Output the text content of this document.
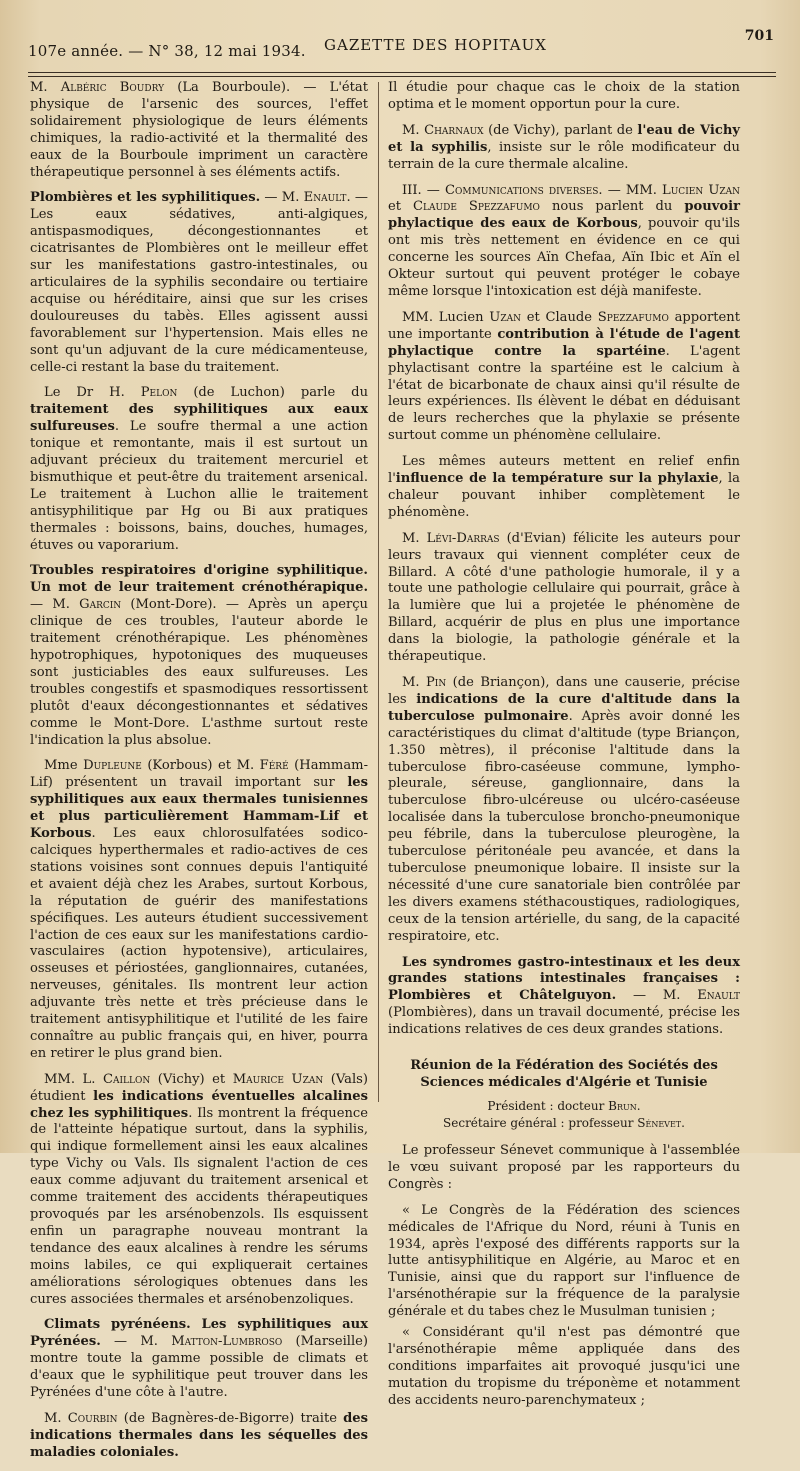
107e année. — N° 38, 12 mai 1934. GAZETTE DES HOPITAUX	701

M. Albéric Boudry (La Bourboule). — L'état physique de l'arsenic des sources, l'effet solidairement physiologique de leurs éléments chimiques, la radio-activité et la thermalité des eaux de la Bourboule impriment un caractère thérapeutique personnel à ses éléments actifs.

Plombières et les syphilitiques. — M. Enault. — Les eaux sédatives, anti-algiques, antispasmodiques, décongestionnantes et cicatrisantes de Plombières ont le meilleur effet sur les manifestations gastro-intestinales, ou articulaires de la syphilis secondaire ou tertiaire acquise ou héréditaire, ainsi que sur les crises douloureuses du tabès. Elles agissent aussi favorablement sur l'hypertension. Mais elles ne sont qu'un adjuvant de la cure médicamenteuse, celle-ci restant la base du traitement.

Le Dr H. Pelon (de Luchon) parle du traitement des syphilitiques aux eaux sulfureuses. Le soufre thermal a une action tonique et remontante, mais il est surtout un adjuvant précieux du traitement mercuriel et bismuthique et peut-être du traitement arsenical. Le traitement à Luchon allie le traitement antisyphilitique par Hg ou Bi aux pratiques thermales : boissons, bains, douches, humages, étuves ou vaporarium.

Troubles respiratoires d'origine syphilitique. Un mot de leur traitement crénothérapique. — M. Garcin (Mont-Dore). — Après un aperçu clinique de ces troubles, l'auteur aborde le traitement crénothérapique. Les phénomènes hypotrophiques, hypotoniques des muqueuses sont justiciables des eaux sulfureuses. Les troubles congestifs et spasmodiques ressortissent plutôt d'eaux décongestionnantes et sédatives comme le Mont-Dore. L'asthme surtout reste l'indication la plus absolue.

Mme Dupleune (Korbous) et M. Féré (Hammam-Lif) présentent un travail important sur les syphilitiques aux eaux thermales tunisiennes et plus particulièrement Hammam-Lif et Korbous. Les eaux chlorosulfatées sodico-calciques hyperthermales et radio-actives de ces stations voisines sont connues depuis l'antiquité et avaient déjà chez les Arabes, surtout Korbous, la réputation de guérir des manifestations spécifiques. Les auteurs étudient successivement l'action de ces eaux sur les manifestations cardio-vasculaires (action hypotensive), articulaires, osseuses et périostées, ganglionnaires, cutanées, nerveuses, génitales. Ils montrent leur action adjuvante très nette et très précieuse dans le traitement antisyphilitique et l'utilité de les faire connaître au public français qui, en hiver, pourra en retirer le plus grand bien.

MM. L. Caillon (Vichy) et Maurice Uzan (Vals) étudient les indications éventuelles alcalines chez les syphilitiques. Ils montrent la fréquence de l'atteinte hépatique surtout, dans la syphilis, qui indique formellement ainsi les eaux alcalines type Vichy ou Vals. Ils signalent l'action de ces eaux comme adjuvant du traitement arsenical et comme traitement des accidents thérapeutiques provoqués par les arsénobenzols. Ils esquissent enfin un paragraphe nouveau montrant la tendance des eaux alcalines à rendre les sérums moins labiles, ce qui expliquerait certaines améliorations sérologiques obtenues dans les cures associées thermales et arsénobenzoliques.

Climats pyrénéens. Les syphilitiques aux Pyrénées. — M. Matton-Lumbroso (Marseille) montre toute la gamme possible de climats et d'eaux que le syphilitique peut trouver dans les Pyrénées d'une côte à l'autre.

M. Courbin (de Bagnères-de-Bigorre) traite des indications thermales dans les séquelles des maladies coloniales.

Il étudie pour chaque cas le choix de la station optima et le moment opportun pour la cure.

M. Charnaux (de Vichy), parlant de l'eau de Vichy et la syphilis, insiste sur le rôle modificateur du terrain de la cure thermale alcaline.

III. — Communications diverses. — MM. Lucien Uzan et Claude Spezzafumo nous parlent du pouvoir phylactique des eaux de Korbous, pouvoir qu'ils ont mis très nettement en évidence en ce qui concerne les sources Aïn Chefaa, Aïn Ibic et Aïn el Okteur surtout qui peuvent protéger le cobaye même lorsque l'intoxication est déjà manifeste.

MM. Lucien Uzan et Claude Spezzafumo apportent une importante contribution à l'étude de l'agent phylactique contre la spartéine. L'agent phylactisant contre la spartéine est le calcium à l'état de bicarbonate de chaux ainsi qu'il résulte de leurs expériences. Ils élèvent le débat en déduisant de leurs recherches que la phylaxie se présente surtout comme un phénomène cellulaire.

Les mêmes auteurs mettent en relief enfin l'influence de la température sur la phylaxie, la chaleur pouvant inhiber complètement le phénomène.

M. Lévi-Darras (d'Evian) félicite les auteurs pour leurs travaux qui viennent compléter ceux de Billard. A côté d'une pathologie humorale, il y a toute une pathologie cellulaire qui pourrait, grâce à la lumière que lui a projetée le phénomène de Billard, acquérir de plus en plus une importance dans la biologie, la pathologie générale et la thérapeutique.

M. Pin (de Briançon), dans une causerie, précise les indications de la cure d'altitude dans la tuberculose pulmonaire. Après avoir donné les caractéristiques du climat d'altitude (type Briançon, 1.350 mètres), il préconise l'altitude dans la tuberculose fibro-caséeuse commune, lympho-pleurale, séreuse, ganglionnaire, dans la tuberculose fibro-ulcéreuse ou ulcéro-caséeuse localisée dans la tuberculose broncho-pneumonique peu fébrile, dans la tuberculose pleurogène, la tuberculose péritonéale peu avancée, et dans la tuberculose pneumonique lobaire. Il insiste sur la nécessité d'une cure sanatoriale bien contrôlée par les divers examens stéthacoustiques, radiologiques, ceux de la tension artérielle, du sang, de la capacité respiratoire, etc.

Les syndromes gastro-intestinaux et les deux grandes stations intestinales françaises : Plombières et Châtelguyon. — M. Enault (Plombières), dans un travail documenté, précise les indications relatives de ces deux grandes stations.

Réunion de la Fédération des Sociétés des Sciences médicales d'Algérie et Tunisie
Président : docteur Brun.
Secrétaire général : professeur Sénevet.

Le professeur Sénevet communique à l'assemblée le vœu suivant proposé par les rapporteurs du Congrès :

« Le Congrès de la Fédération des sciences médicales de l'Afrique du Nord, réuni à Tunis en 1934, après l'exposé des différents rapports sur la lutte antisyphilitique en Algérie, au Maroc et en Tunisie, ainsi que du rapport sur l'influence de l'arsénothérapie sur la fréquence de la paralysie générale et du tabes chez le Musulman tunisien ;

« Considérant qu'il n'est pas démontré que l'arsénothérapie même appliquée dans des conditions imparfaites ait provoqué jusqu'ici une mutation du tropisme du tréponème et notamment des accidents neuro-parenchymateux ;
